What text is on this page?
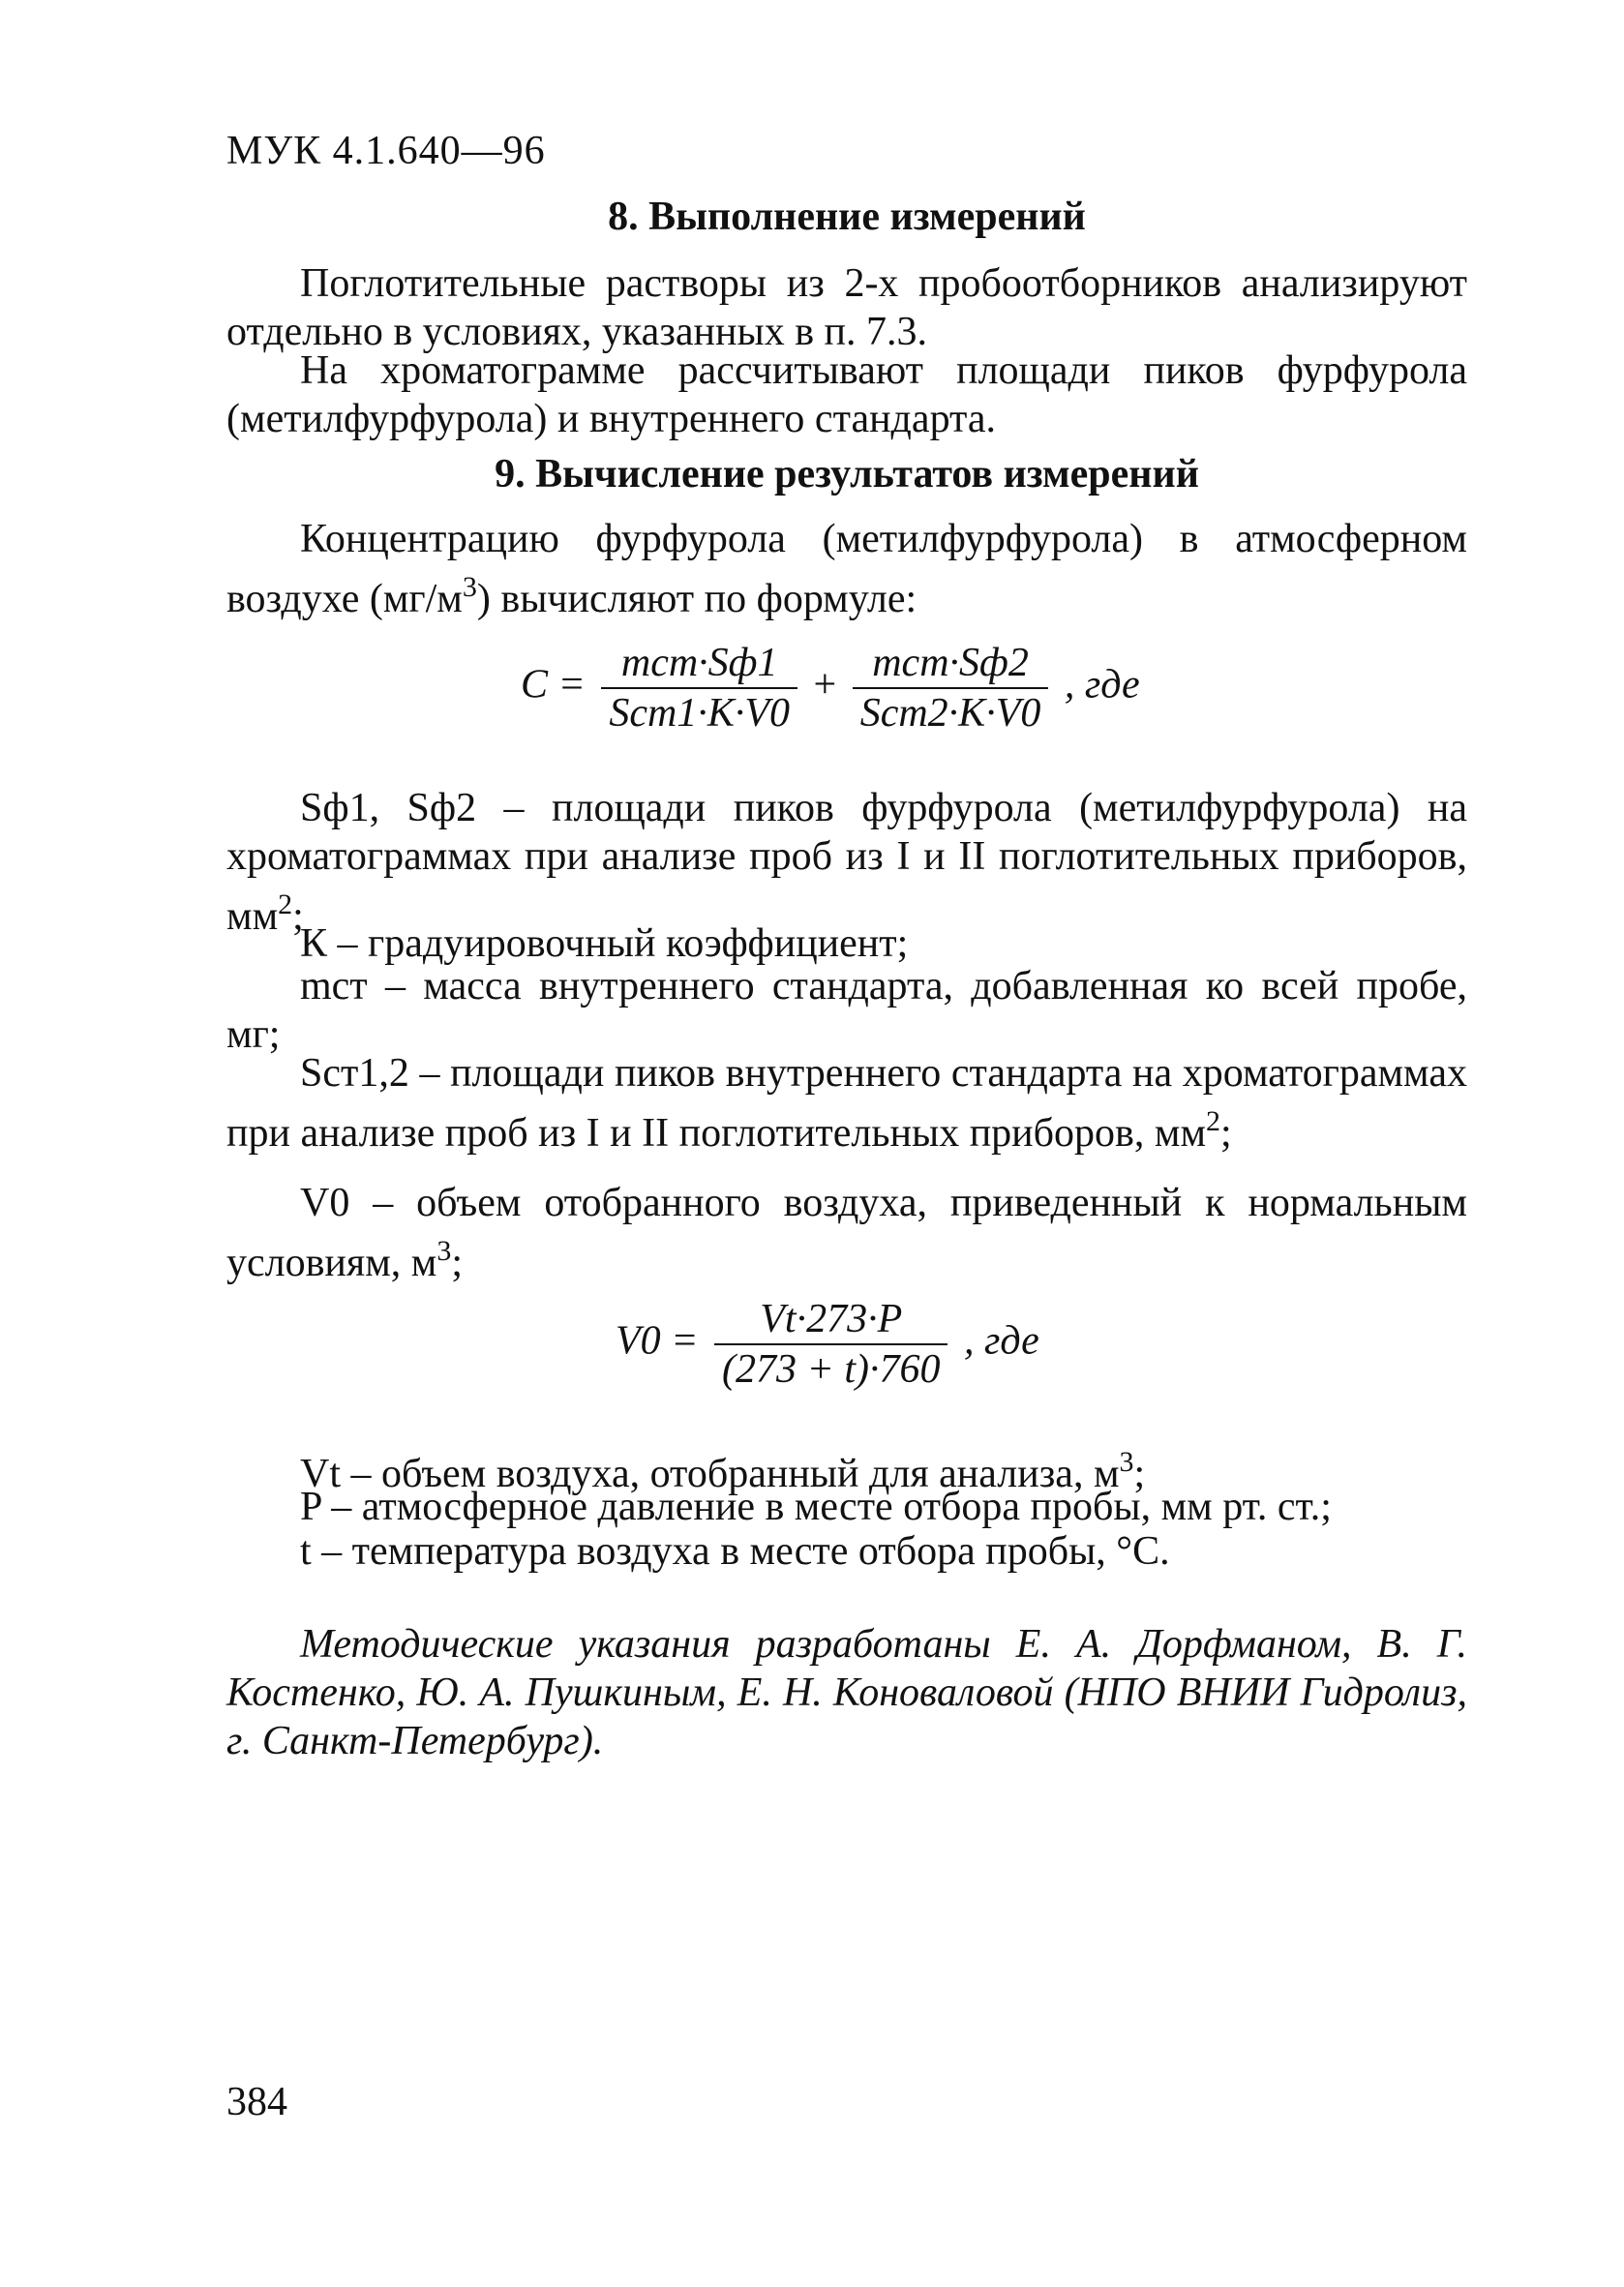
МУК 4.1.640—96
8. Выполнение измерений
Поглотительные растворы из 2-х пробоотборников анализируют отдельно в условиях, указанных в п. 7.3.
На хроматограмме рассчитывают площади пиков фурфурола (метилфурфурола) и внутреннего стандарта.
9. Вычисление результатов измерений
Концентрацию фурфурола (метилфурфурола) в атмосферном воздухе $(мг/м^3)$ вычисляют по формуле:
$C = \frac{\text{mст·Sф1}}{\text{Sст1·K·V0}} + \frac{\text{mст·Sф2}}{\text{Sст2·K·V0}}$ , где
Sф1, Sф2 – площади пиков фурфурола (метилфурфурола) на хроматограммах при анализе проб из I и II поглотительных приборов, $мм^2$;
К – градуировочный коэффициент;
mст – масса внутреннего стандарта, добавленная ко всей пробе, мг;
Sст1,2 – площади пиков внутреннего стандарта на хроматограммах при анализе проб из I и II поглотительных приборов, $мм^2$;
V0 – объем отобранного воздуха, приведенный к нормальным условиям, $м^3$;
$V0 = \frac{Vt\cdot 273\cdot P}{(273 + t)\cdot 760}$ , где
Vt – объем воздуха, отобранный для анализа, $м^3$;
P – атмосферное давление в месте отбора пробы, мм рт. ст.;
t – температура воздуха в месте отбора пробы, °С.
Методические указания разработаны Е. А. Дорфманом, В. Г. Костенко, Ю. А. Пушкиным, Е. Н. Коноваловой (НПО ВНИИ Гидролиз, г. Санкт-Петербург).
384
